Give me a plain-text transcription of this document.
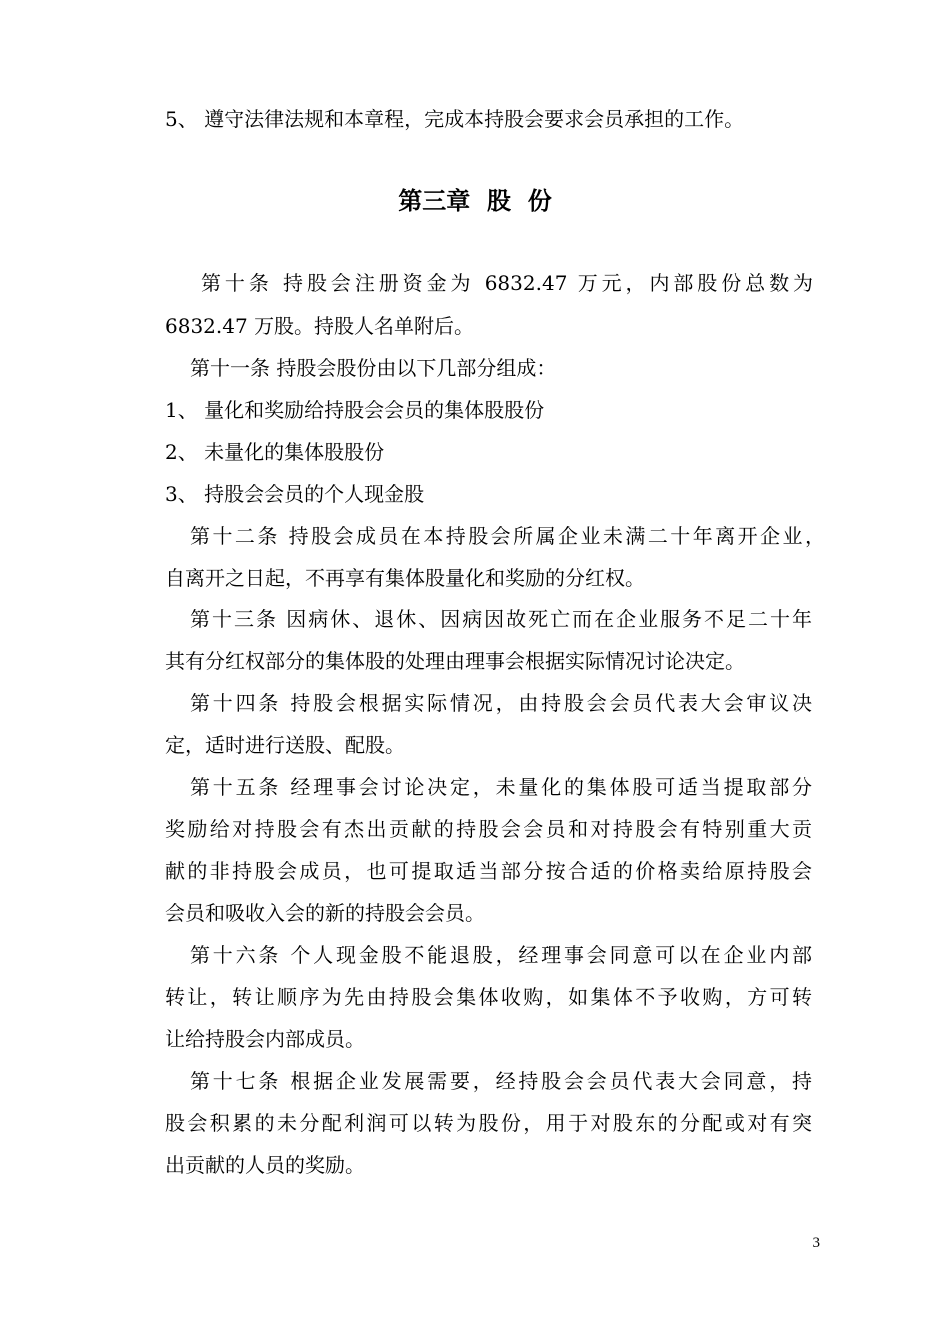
5、 遵守法律法规和本章程，完成本持股会要求会员承担的工作。
第三章  股  份
第十条 持股会注册资金为 6832.47 万元，内部股份总数为
6832.47 万股。持股人名单附后。
第十一条 持股会股份由以下几部分组成：
1、 量化和奖励给持股会会员的集体股股份
2、 未量化的集体股股份
3、 持股会会员的个人现金股
第十二条 持股会成员在本持股会所属企业未满二十年离开企业，
自离开之日起，不再享有集体股量化和奖励的分红权。
第十三条 因病休、退休、因病因故死亡而在企业服务不足二十年
其有分红权部分的集体股的处理由理事会根据实际情况讨论决定。
第十四条 持股会根据实际情况，由持股会会员代表大会审议决
定，适时进行送股、配股。
第十五条 经理事会讨论决定，未量化的集体股可适当提取部分
奖励给对持股会有杰出贡献的持股会会员和对持股会有特别重大贡
献的非持股会成员，也可提取适当部分按合适的价格卖给原持股会
会员和吸收入会的新的持股会会员。
第十六条 个人现金股不能退股，经理事会同意可以在企业内部
转让，转让顺序为先由持股会集体收购，如集体不予收购，方可转
让给持股会内部成员。
第十七条 根据企业发展需要，经持股会会员代表大会同意，持
股会积累的未分配利润可以转为股份，用于对股东的分配或对有突
出贡献的人员的奖励。
3
